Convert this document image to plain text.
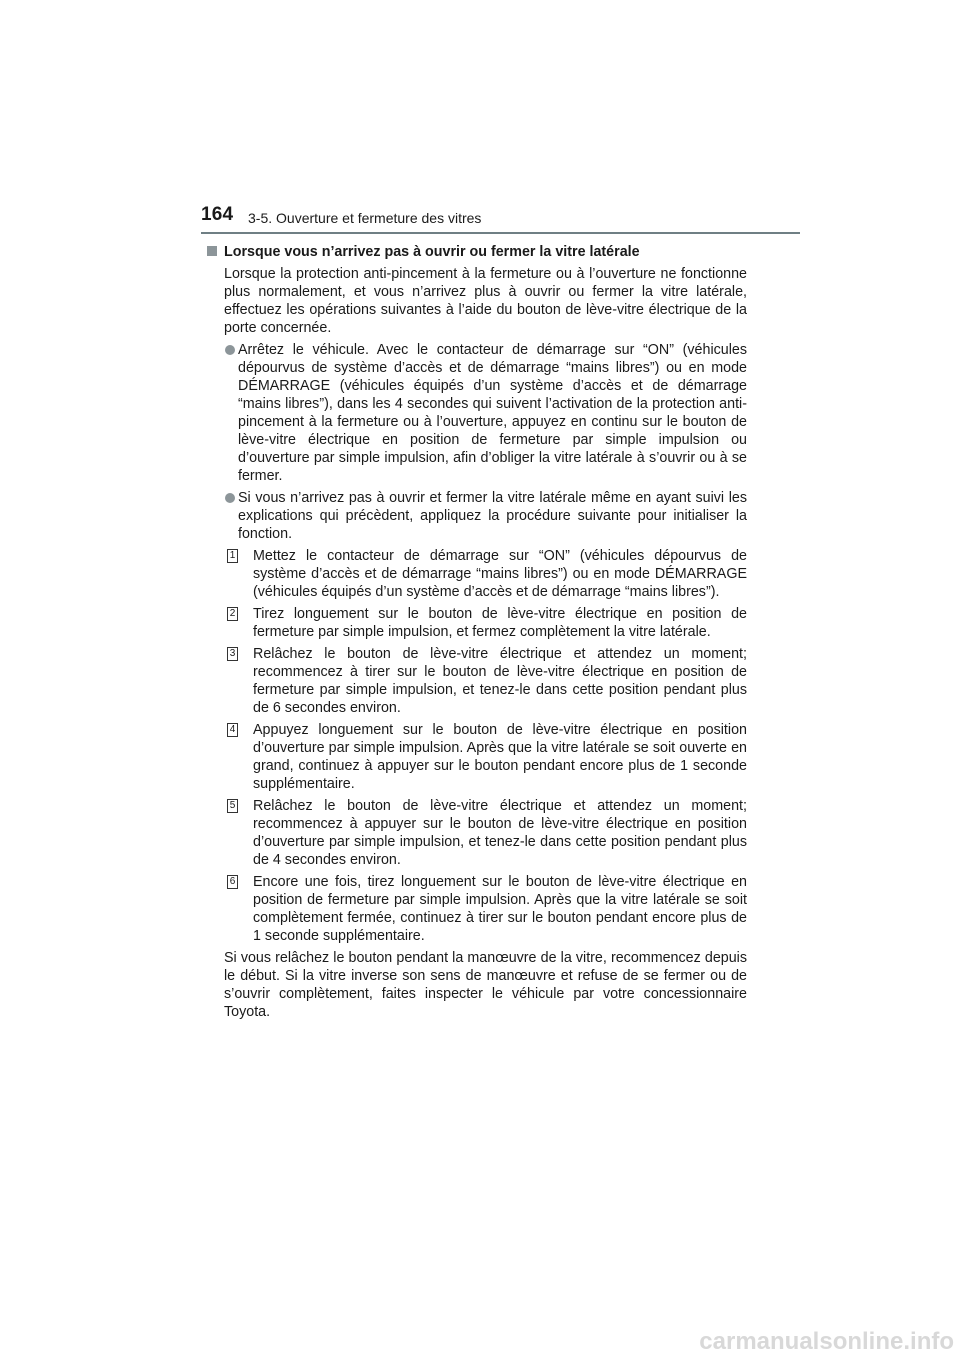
164 3-5. Ouverture et fermeture des vitres

Lorsque vous n’arrivez pas à ouvrir ou fermer la vitre latérale

Lorsque la protection anti-pincement à la fermeture ou à l’ouverture ne fonctionne plus normalement, et vous n’arrivez plus à ouvrir ou fermer la vitre latérale, effectuez les opérations suivantes à l’aide du bouton de lève-vitre électrique de la porte concernée.

Arrêtez le véhicule. Avec le contacteur de démarrage sur “ON” (véhicules dépourvus de système d’accès et de démarrage “mains libres”) ou en mode DÉMARRAGE (véhicules équipés d’un système d’accès et de démarrage “mains libres”), dans les 4 secondes qui suivent l’activation de la protection anti-pincement à la fermeture ou à l’ouverture, appuyez en continu sur le bouton de lève-vitre électrique en position de fermeture par simple impulsion ou d’ouverture par simple impulsion, afin d’obliger la vitre latérale à s’ouvrir ou à se fermer.
Si vous n’arrivez pas à ouvrir et fermer la vitre latérale même en ayant suivi les explications qui précèdent, appliquez la procédure suivante pour initialiser la fonction.
1 Mettez le contacteur de démarrage sur “ON” (véhicules dépourvus de système d’accès et de démarrage “mains libres”) ou en mode DÉMARRAGE (véhicules équipés d’un système d’accès et de démarrage “mains libres”).
2 Tirez longuement sur le bouton de lève-vitre électrique en position de fermeture par simple impulsion, et fermez complètement la vitre latérale.
3 Relâchez le bouton de lève-vitre électrique et attendez un moment; recommencez à tirer sur le bouton de lève-vitre électrique en position de fermeture par simple impulsion, et tenez-le dans cette position pendant plus de 6 secondes environ.
4 Appuyez longuement sur le bouton de lève-vitre électrique en position d’ouverture par simple impulsion. Après que la vitre latérale se soit ouverte en grand, continuez à appuyer sur le bouton pendant encore plus de 1 seconde supplémentaire.
5 Relâchez le bouton de lève-vitre électrique et attendez un moment; recommencez à appuyer sur le bouton de lève-vitre électrique en position d’ouverture par simple impulsion, et tenez-le dans cette position pendant plus de 4 secondes environ.
6 Encore une fois, tirez longuement sur le bouton de lève-vitre électrique en position de fermeture par simple impulsion. Après que la vitre latérale se soit complètement fermée, continuez à tirer sur le bouton pendant encore plus de 1 seconde supplémentaire.

Si vous relâchez le bouton pendant la manœuvre de la vitre, recommencez depuis le début. Si la vitre inverse son sens de manœuvre et refuse de se fermer ou de s’ouvrir complètement, faites inspecter le véhicule par votre concessionnaire Toyota.

carmanualsonline.info
